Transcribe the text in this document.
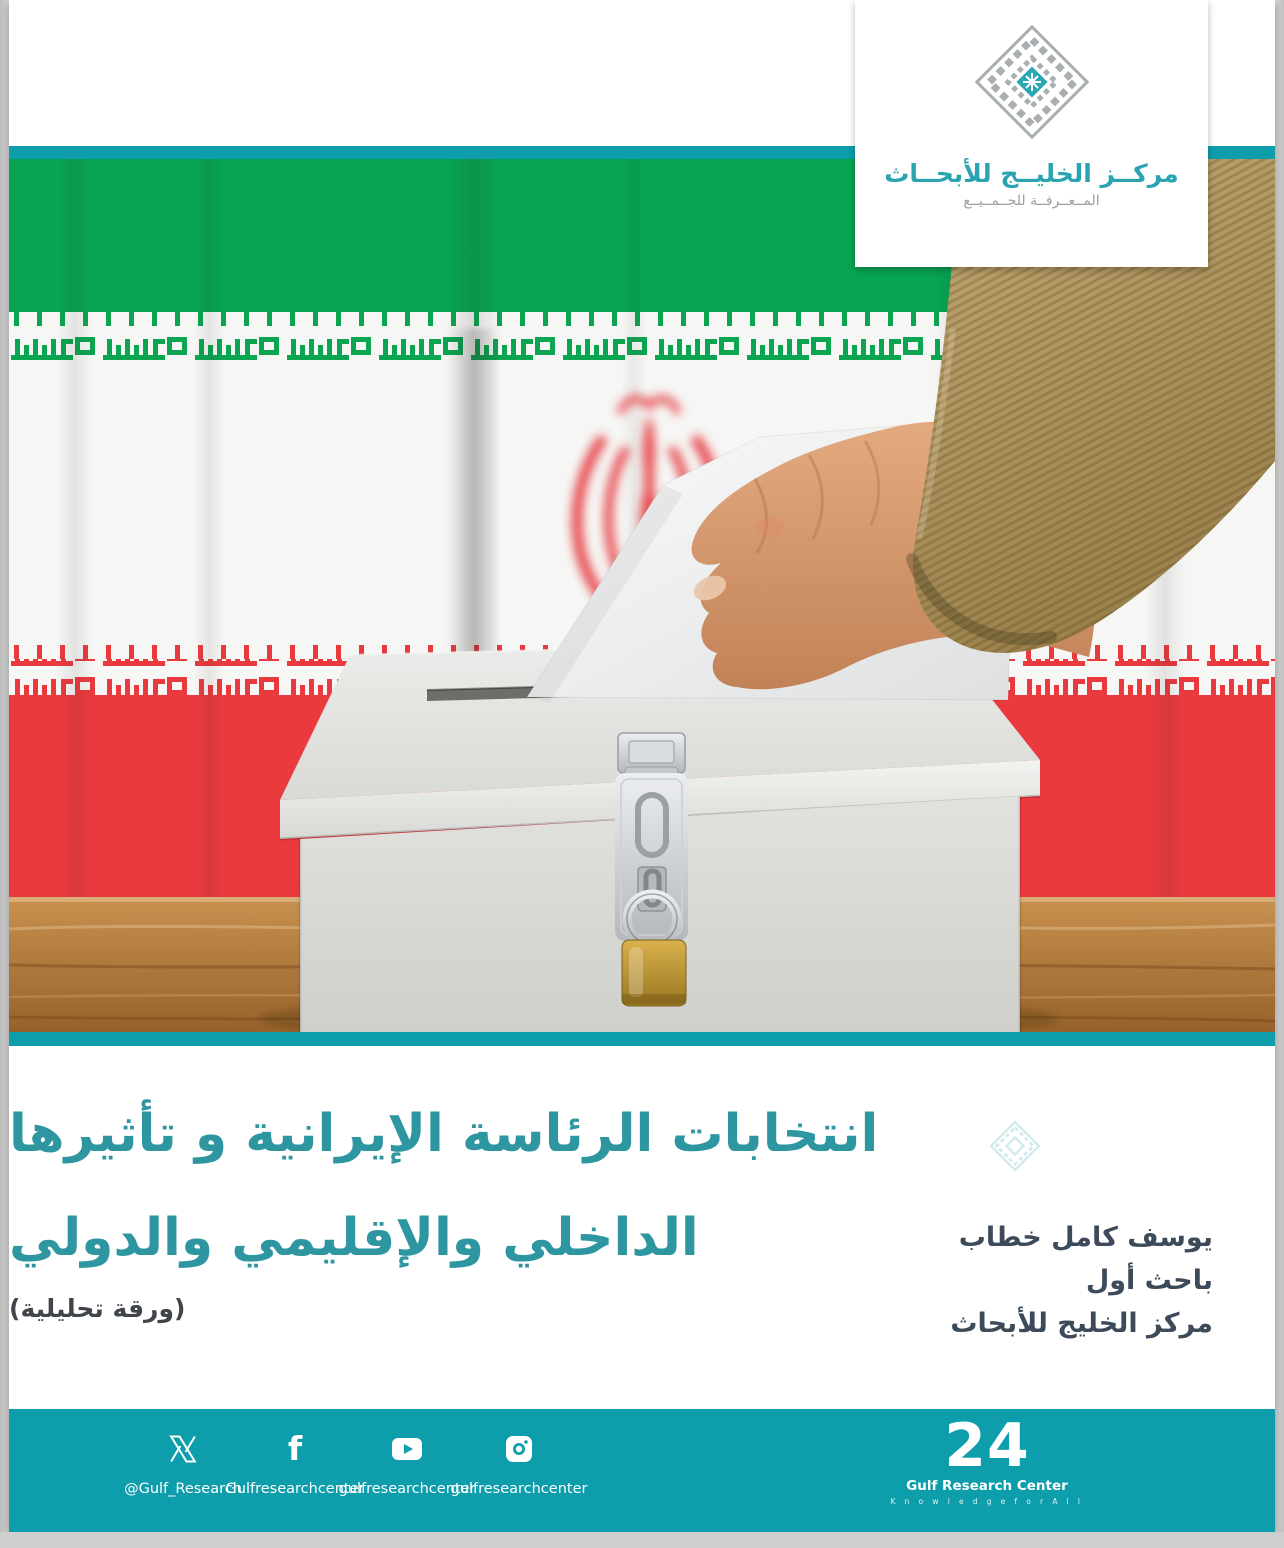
مركــز الخليــج للأبحــاث
المــعــرفــة للجــمــيــع
انتخابات الرئاسة الإيرانية و تأثيرها
الداخلي والإقليمي والدولي
(ورقة تحليلية)
يوسف كامل خطاب
باحث أول
مركز الخليج للأبحاث
@Gulf_Research
f
Gulfresearchcenter
gulfresearchcenter
gulfresearchcenter
24
Gulf Research Center
K n o w l e d g e f o r A l l
